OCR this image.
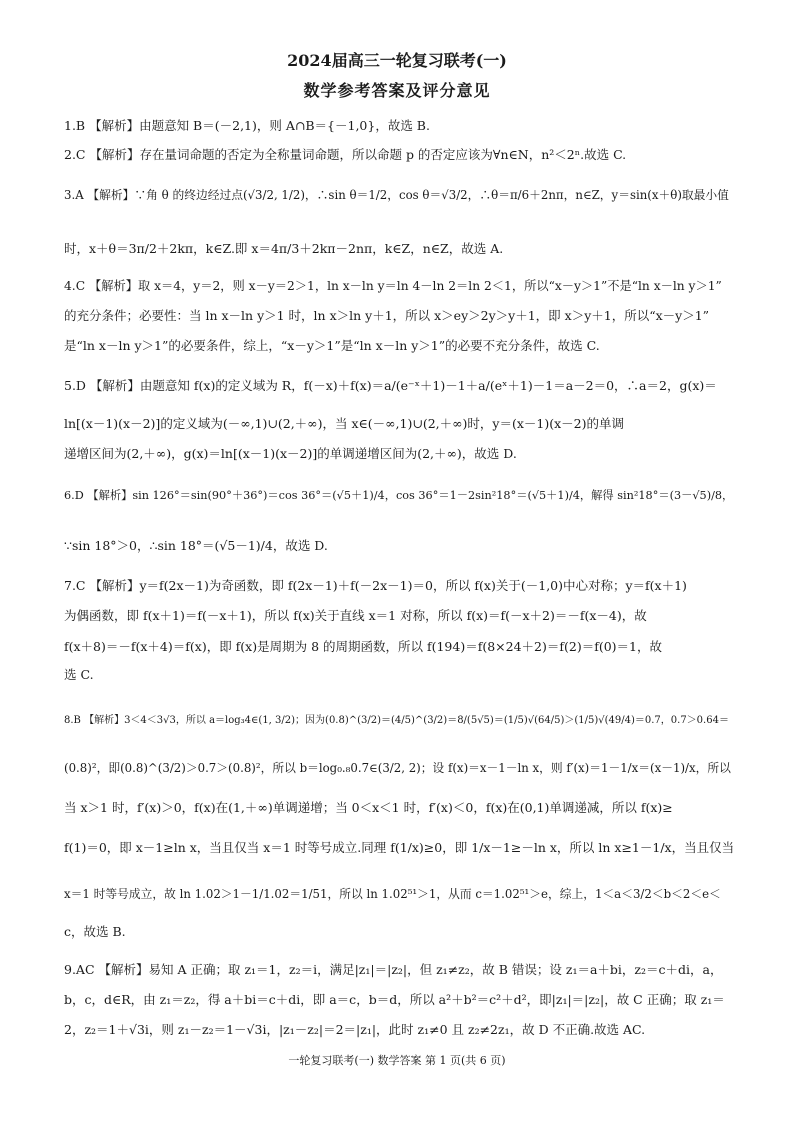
2024届高三一轮复习联考(一)
数学参考答案及评分意见
1.B 【解析】由题意知 B＝(－2,1)，则 A∩B＝{－1,0}，故选 B.
2.C 【解析】存在量词命题的否定为全称量词命题，所以命题 p 的否定应该为∀n∈N，n²＜2ⁿ.故选 C.
3.A 【解析】∵角 θ 的终边经过点(√3/2, 1/2)，∴sin θ＝1/2，cos θ＝√3/2，∴θ＝π/6＋2nπ，n∈Z，y＝sin(x＋θ)取最小值
时，x＋θ＝3π/2＋2kπ，k∈Z.即 x＝4π/3＋2kπ－2nπ，k∈Z，n∈Z，故选 A.
4.C 【解析】取 x＝4，y＝2，则 x－y＝2＞1，ln x－ln y＝ln 4－ln 2＝ln 2＜1，所以“x－y＞1”不是“ln x－ln y＞1”
的充分条件；必要性：当 ln x－ln y＞1 时，ln x＞ln y＋1，所以 x＞ey＞2y＞y＋1，即 x＞y＋1，所以“x－y＞1”
是“ln x－ln y＞1”的必要条件，综上，“x－y＞1”是“ln x－ln y＞1”的必要不充分条件，故选 C.
5.D 【解析】由题意知 f(x)的定义域为 R，f(－x)＋f(x)＝a/(e⁻ˣ＋1)－1＋a/(eˣ＋1)－1＝a－2＝0，∴a＝2，g(x)＝
ln[(x－1)(x－2)]的定义域为(－∞,1)∪(2,＋∞)，当 x∈(－∞,1)∪(2,＋∞)时，y＝(x－1)(x－2)的单调
递增区间为(2,＋∞)，g(x)＝ln[(x－1)(x－2)]的单调递增区间为(2,＋∞)，故选 D.
6.D 【解析】sin 126°＝sin(90°＋36°)＝cos 36°＝(√5＋1)/4，cos 36°＝1－2sin²18°＝(√5＋1)/4，解得 sin²18°＝(3－√5)/8，
∵sin 18°＞0，∴sin 18°＝(√5－1)/4，故选 D.
7.C 【解析】y＝f(2x－1)为奇函数，即 f(2x－1)＋f(－2x－1)＝0，所以 f(x)关于(－1,0)中心对称；y＝f(x＋1)
为偶函数，即 f(x＋1)＝f(－x＋1)，所以 f(x)关于直线 x＝1 对称，所以 f(x)＝f(－x＋2)＝－f(x－4)，故
f(x＋8)＝－f(x＋4)＝f(x)，即 f(x)是周期为 8 的周期函数，所以 f(194)＝f(8×24＋2)＝f(2)＝f(0)＝1，故
选 C.
8.B 【解析】3＜4＜3√3，所以 a＝log₃4∈(1, 3/2)；因为(0.8)^(3/2)＝(4/5)^(3/2)＝8/(5√5)＝(1/5)√(64/5)＞(1/5)√(49/4)＝0.7，0.7＞0.64＝
(0.8)²，即(0.8)^(3/2)＞0.7＞(0.8)²，所以 b＝log₀.₈0.7∈(3/2, 2)；设 f(x)＝x－1－ln x，则 f′(x)＝1－1/x＝(x－1)/x，所以
当 x＞1 时，f′(x)＞0，f(x)在(1,＋∞)单调递增；当 0＜x＜1 时，f′(x)＜0，f(x)在(0,1)单调递减，所以 f(x)≥
f(1)＝0，即 x－1≥ln x，当且仅当 x＝1 时等号成立.同理 f(1/x)≥0，即 1/x－1≥－ln x，所以 ln x≥1－1/x，当且仅当
x＝1 时等号成立，故 ln 1.02＞1－1/1.02＝1/51，所以 ln 1.02⁵¹＞1，从而 c＝1.02⁵¹＞e，综上，1＜a＜3/2＜b＜2＜e＜
c，故选 B.
9.AC 【解析】易知 A 正确；取 z₁＝1，z₂＝i，满足|z₁|＝|z₂|，但 z₁≠z₂，故 B 错误；设 z₁＝a＋bi，z₂＝c＋di，a，
b，c，d∈R，由 z₁＝z₂，得 a＋bi＝c＋di，即 a＝c，b＝d，所以 a²＋b²＝c²＋d²，即|z₁|＝|z₂|，故 C 正确；取 z₁＝
2，z₂＝1＋√3i，则 z₁－z₂＝1－√3i，|z₁－z₂|＝2＝|z₁|，此时 z₁≠0 且 z₂≠2z₁，故 D 不正确.故选 AC.
一轮复习联考(一) 数学答案 第 1 页(共 6 页)
